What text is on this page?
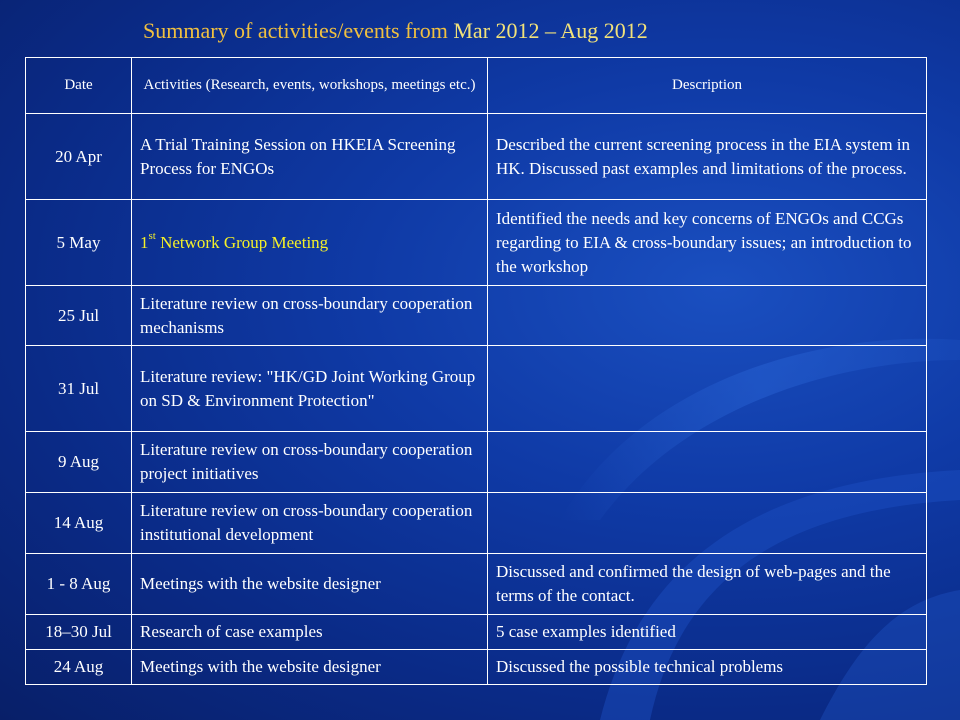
Summary of activities/events from Mar 2012 – Aug 2012
Date	Activities (Research, events, workshops, meetings etc.)	Description
20 Apr	A Trial Training Session on HKEIA Screening Process for ENGOs	Described the current screening process in the EIA system in HK. Discussed past examples and limitations of the process.
5 May	1st Network Group Meeting	Identified the needs and key concerns of ENGOs and CCGs regarding to EIA & cross-boundary issues; an introduction to the workshop
25 Jul	Literature review on cross-boundary cooperation mechanisms	
31 Jul	Literature review: "HK/GD Joint Working Group on SD & Environment Protection"	
9 Aug	Literature review on cross-boundary cooperation project initiatives	
14 Aug	Literature review on cross-boundary cooperation institutional development	
1 - 8 Aug	Meetings with the website designer	Discussed and confirmed the design of web-pages and the terms of the contact.
18–30 Jul	Research of case examples	5 case examples identified
24 Aug	Meetings with the website designer	Discussed the possible technical problems
